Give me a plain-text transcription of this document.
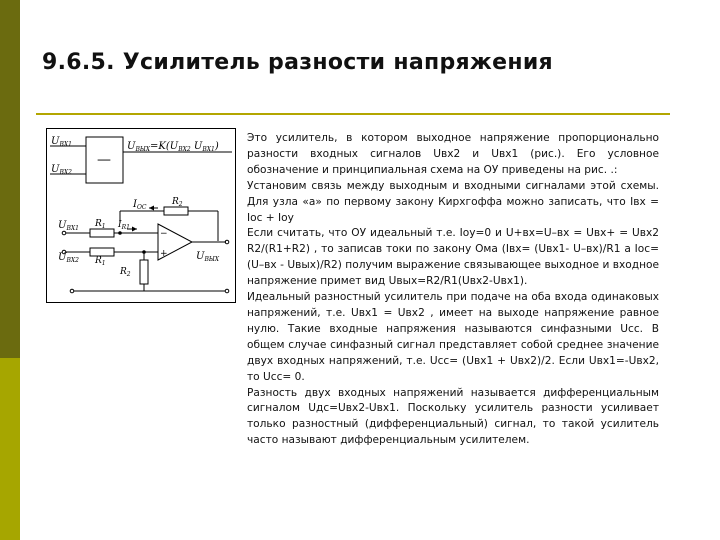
9.6.5. Усилитель разности напряжения
—
$U_{ВХ1}$
$U_{ВХ2}$
$U_{ВЫХ}=K(U_{ВХ2}$ $U_{ВХ1}$)
−
+
$I_{ОС}$
$R_1$ $I_{R1}$
$R_2$
$R_1$
$R_2$
$U_{ВХ1}$
$U_{ВХ2}$	$U_{ВЫХ}$

Это усилитель, в котором выходное напряжение пропорционально разности входных сигналов Uвх2 и Uвх1 (рис.). Его условное обозначение и принципиальная схема на ОУ приведены на рис. .:

Установим связь между выходным и входными сигналами этой схемы. Для узла «а» по первому закону Кирхгоффа можно записать, что Iвх = Iос + Iоу

Если считать, что ОУ идеальный т.е. Iоу=0 и U+вх=U–вх = Uвх+ = Uвх2 R2/(R1+R2) , то записав токи по закону Ома (Iвх= (Uвх1- U–вх)/R1 а Iос= (U–вх - Uвых)/R2) получим выражение связывающее выходное и входное напряжение примет вид Uвых=R2/R1(Uвх2-Uвх1).

Идеальный разностный усилитель при подаче на оба входа одинаковых напряжений, т.е. Uвх1 = Uвх2 , имеет на выходе напряжение равное нулю. Такие входные напряжения называются синфазными Ucc. В общем случае синфазный сигнал представляет собой среднее значение двух входных напряжений, т.е. Ucc= (Uвх1 + Uвх2)/2. Если Uвх1=-Uвх2, то Ucc= 0.

Разность двух входных напряжений называется дифференциальным сигналом Uдс=Uвх2-Uвх1. Поскольку усилитель разности усиливает только разностный (дифференциальный) сигнал, то такой усилитель часто называют дифференциальным усилителем.
